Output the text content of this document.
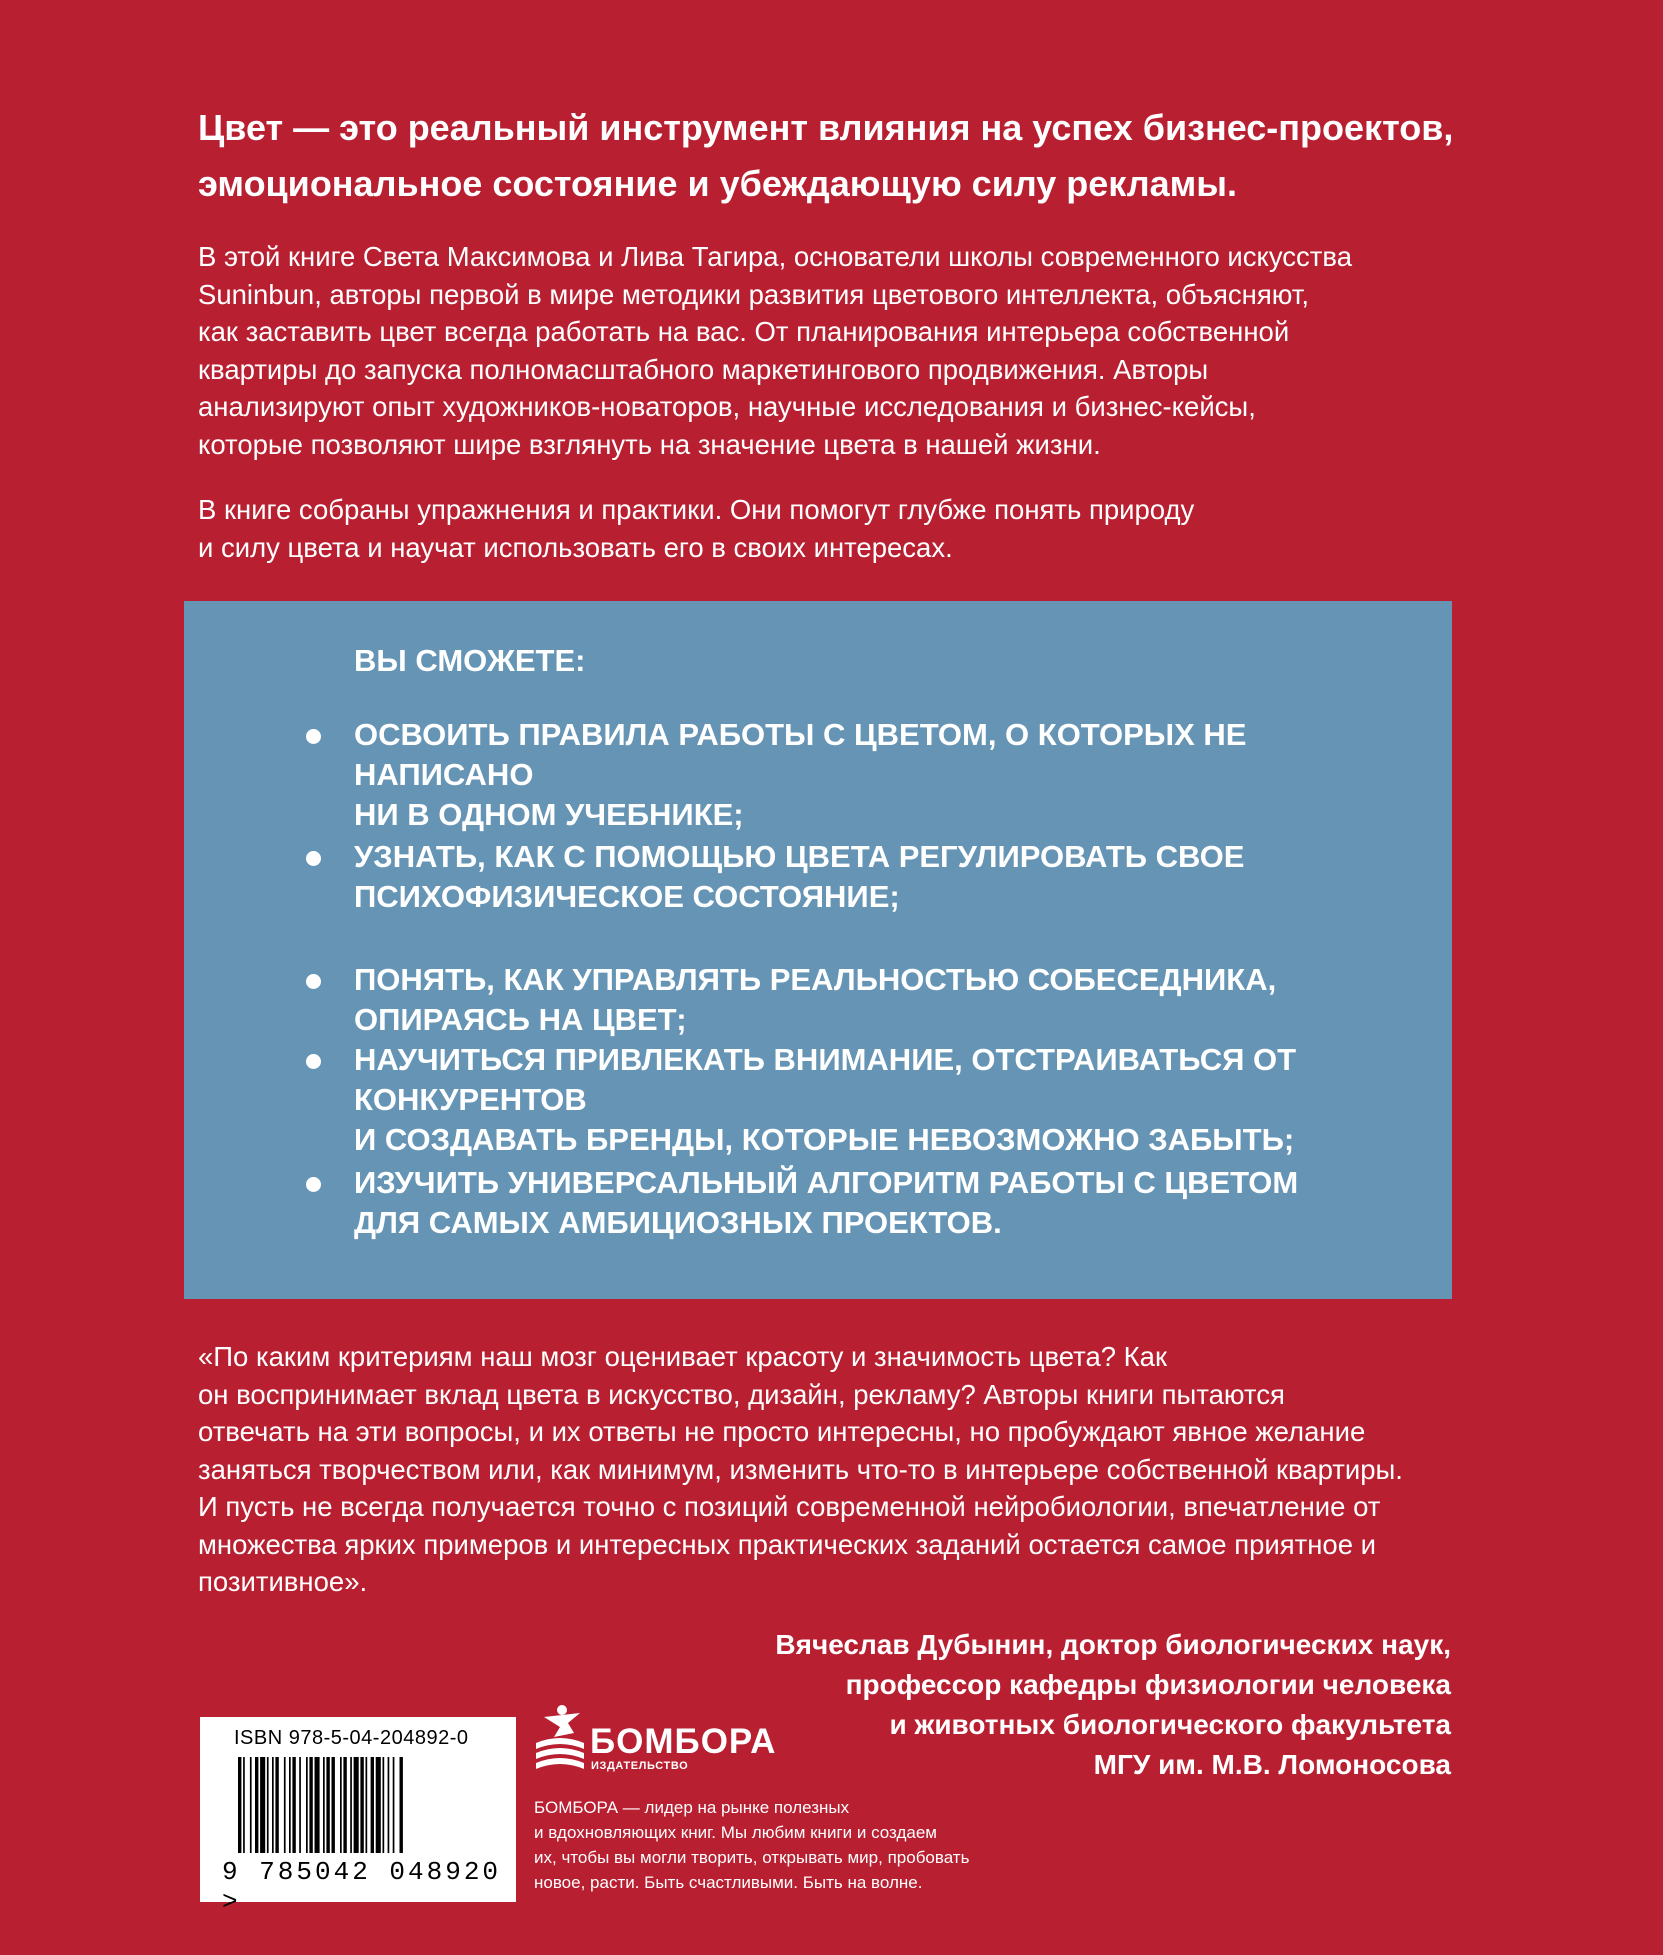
Цвет — это реальный инструмент влияния на успех бизнес-проектов, эмоциональное состояние и убеждающую силу рекламы.

В этой книге Света Максимова и Лива Тагира, основатели школы современного искусства
Suninbun, авторы первой в мире методики развития цветового интеллекта, объясняют,
как заставить цвет всегда работать на вас. От планирования интерьера собственной
квартиры до запуска полномасштабного маркетингового продвижения. Авторы
анализируют опыт художников-новаторов, научные исследования и бизнес-кейсы,
которые позволяют шире взглянуть на значение цвета в нашей жизни.

В книге собраны упражнения и практики. Они помогут глубже понять природу
и силу цвета и научат использовать его в своих интересах.

ВЫ СМОЖЕТЕ:

ОСВОИТЬ ПРАВИЛА РАБОТЫ С ЦВЕТОМ, О КОТОРЫХ НЕ НАПИСАНО
НИ В ОДНОМ УЧЕБНИКЕ;
УЗНАТЬ, КАК С ПОМОЩЬЮ ЦВЕТА РЕГУЛИРОВАТЬ СВОЕ
ПСИХОФИЗИЧЕСКОЕ СОСТОЯНИЕ;
ПОНЯТЬ, КАК УПРАВЛЯТЬ РЕАЛЬНОСТЬЮ СОБЕСЕДНИКА, ОПИРАЯСЬ НА ЦВЕТ;
НАУЧИТЬСЯ ПРИВЛЕКАТЬ ВНИМАНИЕ, ОТСТРАИВАТЬСЯ ОТ КОНКУРЕНТОВ
И СОЗДАВАТЬ БРЕНДЫ, КОТОРЫЕ НЕВОЗМОЖНО ЗАБЫТЬ;
ИЗУЧИТЬ УНИВЕРСАЛЬНЫЙ АЛГОРИТМ РАБОТЫ С ЦВЕТОМ
ДЛЯ САМЫХ АМБИЦИОЗНЫХ ПРОЕКТОВ.

«По каким критериям наш мозг оценивает красоту и значимость цвета? Как
он воспринимает вклад цвета в искусство, дизайн, рекламу? Авторы книги пытаются
отвечать на эти вопросы, и их ответы не просто интересны, но пробуждают явное желание
заняться творчеством или, как минимум, изменить что-то в интерьере собственной квартиры.
И пусть не всегда получается точно с позиций современной нейробиологии, впечатление от
множества ярких примеров и интересных практических заданий остается самое приятное и
позитивное».

Вячеслав Дубынин, доктор биологических наук,
профессор кафедры физиологии человека
и животных биологического факультета
МГУ им. М.В. Ломоносова
ISBN 978-5-04-204892-0
9 785042 048920 >
БОМБОРА
ИЗДАТЕЛЬСТВО
БОМБОРА — лидер на рынке полезных
и вдохновляющих книг. Мы любим книги и создаем
их, чтобы вы могли творить, открывать мир, пробовать
новое, расти. Быть счастливыми. Быть на волне.
